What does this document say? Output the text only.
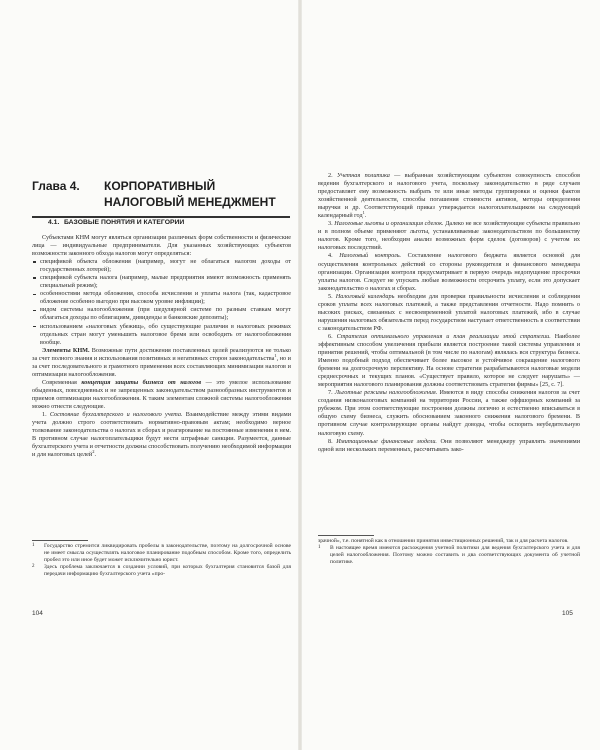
Глава 4. КОРПОРАТИВНЫЙ НАЛОГОВЫЙ МЕНЕДЖМЕНТ
4.1. БАЗОВЫЕ ПОНЯТИЯ И КАТЕГОРИИ

Субъектами КНМ могут являться организации различных форм собственности и физические лица — индивидуальные предприниматели. Для указанных хозяйствующих субъектов возможности законного обхода налогов могут определяться:

спецификой объекта обложения (например, могут не облагаться налогом доходы от государственных лотерей);
спецификой субъекта налога (например, малые предприятия имеют возможность применять специальный режим);
особенностями метода обложения, способа исчисления и уплаты налога (так, кадастровое обложение особенно выгодно при высоком уровне инфляции);
видом системы налогообложения (при шедулярной системе по разным ставкам могут облагаться доходы по облигациям, дивиденды и банковские депозиты);
использованием «налоговых убежищ», обо существующие различия в налоговых режимах отдельных стран могут уменьшить налоговое бремя или освободить от налогообложения вообще.

Элементы КНМ. Возможные пути достижения поставленных целей реализуются не только за счет полного знания и использования позитивных и негативных сторон законодательства$^1$, но и за счет последовательного и грамотного применения всех составляющих минимизации налогов и оптимизации налогообложения.

Современная концепция защиты бизнеса от налогов — это умелое использование обыденных, повседневных и не запрещенных законодательством разнообразных инструментов и приемов оптимизации налогообложения. К таким элементам сложной системы налогообложения можно отнести следующие.

1. Состояние бухгалтерского и налогового учета. Взаимодействие между этими видами учета должно строго соответствовать нормативно-правовым актам; необходимо верное толкование законодательства о налогах и сборах и реагирование на постоянные изменения в нем. В противном случае налогоплательщики будут нести штрафные санкции. Разумеется, данные бухгалтерского учета и отчетности должны способствовать получению необходимой информации и для налоговых целей$^2$.

1 Государство стремится ликвидировать пробелы в законодательстве, поэтому на долгосрочной основе не имеет смысла осуществлять налоговое планирование подобным способом. Кроме того, определить пробел это или иное будет может исключительно юрист.
2 Здесь проблема заключается в создании условий, при которых бухгалтерия становится базой для передачи информацию бухгалтерского учета «про-
104

2. Учетная политика — выбранная хозяйствующим субъектом совокупность способов ведения бухгалтерского и налогового учета, поскольку законодательство в ряде случаев предоставляет ему возможность выбрать те или иные методы группировки и оценки фактов хозяйственной деятельности, способы погашения стоимости активов, методы определения выручки и др. Соответствующий приказ утверждается налогоплательщиком на следующий календарный год$^1$.

3. Налоговые льготы и организация сделок. Далеко не все хозяйствующие субъекты правильно и в полном объеме применяют льготы, устанавливаемые законодательством по большинству налогов. Кроме того, необходим анализ возможных форм сделок (договоров) с учетом их налоговых последствий.

4. Налоговый контроль. Составление налогового бюджета является основой для осуществления контрольных действий со стороны руководителя и финансового менеджера организации. Организация контроля предусматривает в первую очередь недопущение просрочки уплаты налогов. Следует не упускать любые возможности отсрочить уплату, если это допускает законодательство о налогах и сборах.

5. Налоговый календарь необходим для проверки правильности исчисления и соблюдения сроков уплаты всех налоговых платежей, а также представления отчетности. Надо помнить о высоких рисках, связанных с несвоевременной уплатой налоговых платежей, ибо в случае нарушения налоговых обязательств перед государством наступает ответственность в соответствии с законодательством РФ.

6. Стратегия оптимального управления и план реализации этой стратегии. Наиболее эффективным способом увеличения прибыли является построение такой системы управления и принятия решений, чтобы оптимальной (в том числе по налогам) являлась вся структура бизнеса. Именно подобный подход обеспечивает более высокое и устойчивое сокращение налогового бремени на долгосрочную перспективу. На основе стратегии разрабатываются налоговые модели среднесрочных и текущих планов. «Существует правило, которое не следует нарушать» — мероприятия налогового планирования должны соответствовать стратегии фирмы» [25, с. 7].

7. Льготные режимы налогообложения. Имеются в виду способы снижения налогов за счет создания низконалоговых компаний на территории России, а также оффшорных компаний за рубежом. При этом соответствующие построения должны логично и естественно вписываться в общую схему бизнеса, служить обоснованием законного снижения налогового бремени. В противном случае контролирующие органы найдут доводы, чтобы оспорить неубедительную налоговую схему.

8. Имитационные финансовые модели. Они позволяют менеджеру управлять значениями одной или нескольких переменных, рассчитывать зако-

зрачной», т.е. понятной как в отношении принятия инвестиционных решений, так и для расчета налогов.
1 В настоящее время имеются расхождения учетной политики для ведения бухгалтерского учета и для целей налогообложения. Поэтому можно составить и два соответствующих документа об учетной политике.
105
